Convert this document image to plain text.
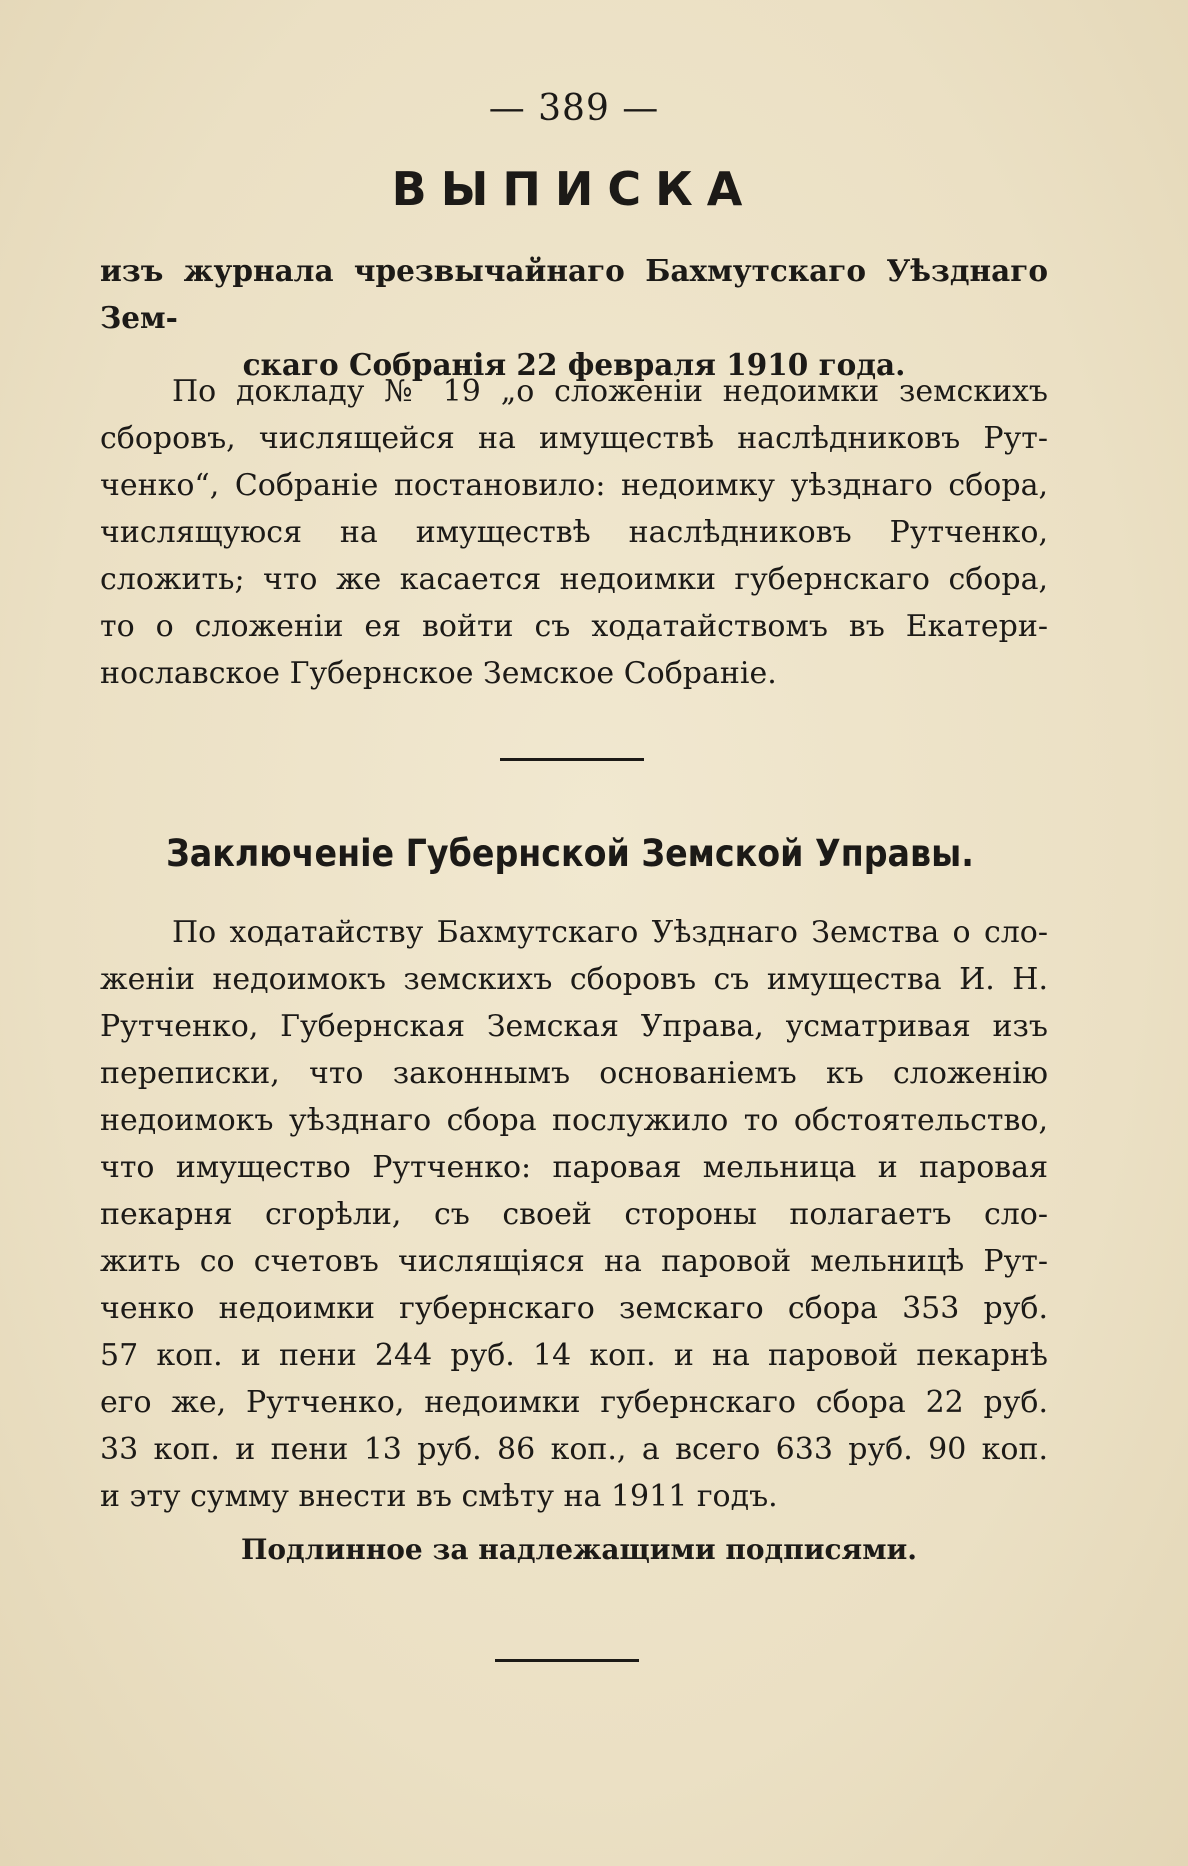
— 389 —
ВЫПИСКА
изъ журнала чрезвычайнаго Бахмутскаго Уѣзднаго Зем-
скаго Собранія 22 февраля 1910 года.
По докладу № 19 „о сложеніи недоимки земскихъ
сборовъ, числящейся на имуществѣ наслѣдниковъ Рут-
ченко“, Собраніе постановило: недоимку уѣзднаго сбора,
числящуюся на имуществѣ наслѣдниковъ Рутченко,
сложить; что же касается недоимки губернскаго сбора,
то о сложеніи ея войти съ ходатайствомъ въ Екатери-
нославское Губернское Земское Собраніе.
Заключеніе Губернской Земской Управы.
По ходатайству Бахмутскаго Уѣзднаго Земства о сло-
женіи недоимокъ земскихъ сборовъ съ имущества И. Н.
Рутченко, Губернская Земская Управа, усматривая изъ
переписки, что законнымъ основаніемъ къ сложенію
недоимокъ уѣзднаго сбора послужило то обстоятельство,
что имущество Рутченко: паровая мельница и паровая
пекарня сгорѣли, съ своей стороны полагаетъ сло-
жить со счетовъ числящіяся на паровой мельницѣ Рут-
ченко недоимки губернскаго земскаго сбора 353 руб.
57 коп. и пени 244 руб. 14 коп. и на паровой пекарнѣ
его же, Рутченко, недоимки губернскаго сбора 22 руб.
33 коп. и пени 13 руб. 86 коп., а всего 633 руб. 90 коп.
и эту сумму внести въ смѣту на 1911 годъ.
Подлинное за надлежащими подписями.
